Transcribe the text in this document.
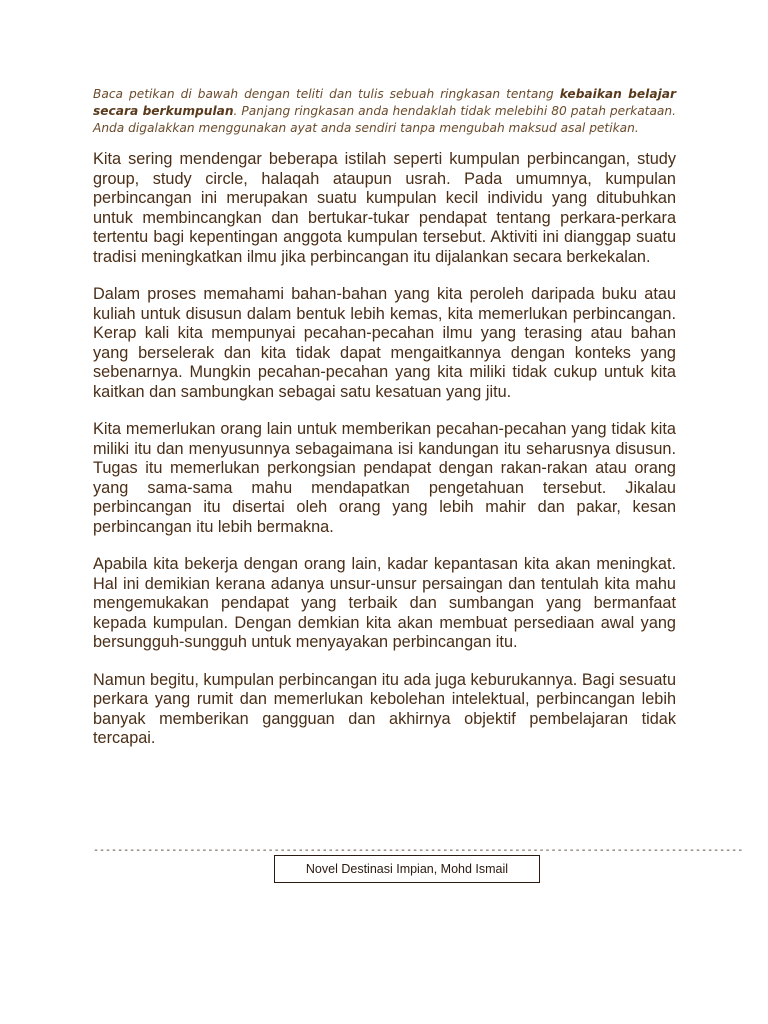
Baca petikan di bawah dengan teliti dan tulis sebuah ringkasan tentang kebaikan belajar secara berkumpulan. Panjang ringkasan anda hendaklah tidak melebihi 80 patah perkataan. Anda digalakkan menggunakan ayat anda sendiri tanpa mengubah maksud asal petikan.

Kita sering mendengar beberapa istilah seperti kumpulan perbincangan, study group, study circle, halaqah ataupun usrah. Pada umumnya, kumpulan perbincangan ini merupakan suatu kumpulan kecil individu yang ditubuhkan untuk membincangkan dan bertukar-tukar pendapat tentang perkara-perkara tertentu bagi kepentingan anggota kumpulan tersebut. Aktiviti ini dianggap suatu tradisi meningkatkan ilmu jika perbincangan itu dijalankan secara berkekalan.

Dalam proses memahami bahan-bahan yang kita peroleh daripada buku atau kuliah untuk disusun dalam bentuk lebih kemas, kita memerlukan perbincangan. Kerap kali kita mempunyai pecahan-pecahan ilmu yang terasing atau bahan yang berselerak dan kita tidak dapat mengaitkannya dengan konteks yang sebenarnya. Mungkin pecahan-pecahan yang kita miliki tidak cukup untuk kita kaitkan dan sambungkan sebagai satu kesatuan yang jitu.

Kita memerlukan orang lain untuk memberikan pecahan-pecahan yang tidak kita miliki itu dan menyusunnya sebagaimana isi kandungan itu seharusnya disusun. Tugas itu memerlukan perkongsian pendapat dengan rakan-rakan atau orang yang sama-sama mahu mendapatkan pengetahuan tersebut. Jikalau perbincangan itu disertai oleh orang yang lebih mahir dan pakar, kesan perbincangan itu lebih bermakna.

Apabila kita bekerja dengan orang lain, kadar kepantasan kita akan meningkat. Hal ini demikian kerana adanya unsur-unsur persaingan dan tentulah kita mahu mengemukakan pendapat yang terbaik dan sumbangan yang bermanfaat kepada kumpulan. Dengan demkian kita akan membuat persediaan awal yang bersungguh-sungguh untuk menyayakan perbincangan itu.

Namun begitu, kumpulan perbincangan itu ada juga keburukannya. Bagi sesuatu perkara yang rumit dan memerlukan kebolehan intelektual, perbincangan lebih banyak memberikan gangguan dan akhirnya objektif pembelajaran tidak tercapai.

------------------------------------------------------------------------------------------------------------
Novel Destinasi Impian, Mohd Ismail
